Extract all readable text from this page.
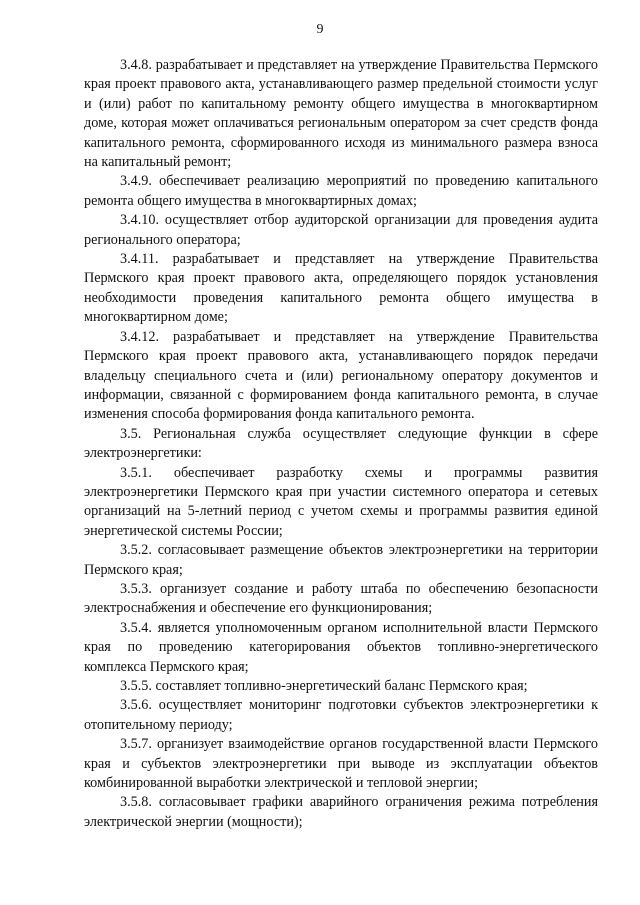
9

3.4.8. разрабатывает и представляет на утверждение Правительства Пермского края проект правового акта, устанавливающего размер предельной стоимости услуг и (или) работ по капитальному ремонту общего имущества в многоквартирном доме, которая может оплачиваться региональным оператором за счет средств фонда капитального ремонта, сформированного исходя из минимального размера взноса на капитальный ремонт;

3.4.9. обеспечивает реализацию мероприятий по проведению капитального ремонта общего имущества в многоквартирных домах;

3.4.10. осуществляет отбор аудиторской организации для проведения аудита регионального оператора;

3.4.11. разрабатывает и представляет на утверждение Правительства Пермского края проект правового акта, определяющего порядок установления необходимости проведения капитального ремонта общего имущества в многоквартирном доме;

3.4.12. разрабатывает и представляет на утверждение Правительства Пермского края проект правового акта, устанавливающего порядок передачи владельцу специального счета и (или) региональному оператору документов и информации, связанной с формированием фонда капитального ремонта, в случае изменения способа формирования фонда капитального ремонта.

3.5. Региональная служба осуществляет следующие функции в сфере электроэнергетики:

3.5.1. обеспечивает разработку схемы и программы развития электроэнергетики Пермского края при участии системного оператора и сетевых организаций на 5-летний период с учетом схемы и программы развития единой энергетической системы России;

3.5.2. согласовывает размещение объектов электроэнергетики на территории Пермского края;

3.5.3. организует создание и работу штаба по обеспечению безопасности электроснабжения и обеспечение его функционирования;

3.5.4. является уполномоченным органом исполнительной власти Пермского края по проведению категорирования объектов топливно-энергетического комплекса Пермского края;

3.5.5. составляет топливно-энергетический баланс Пермского края;

3.5.6. осуществляет мониторинг подготовки субъектов электроэнергетики к отопительному периоду;

3.5.7. организует взаимодействие органов государственной власти Пермского края и субъектов электроэнергетики при выводе из эксплуатации объектов комбинированной выработки электрической и тепловой энергии;

3.5.8. согласовывает графики аварийного ограничения режима потребления электрической энергии (мощности);
